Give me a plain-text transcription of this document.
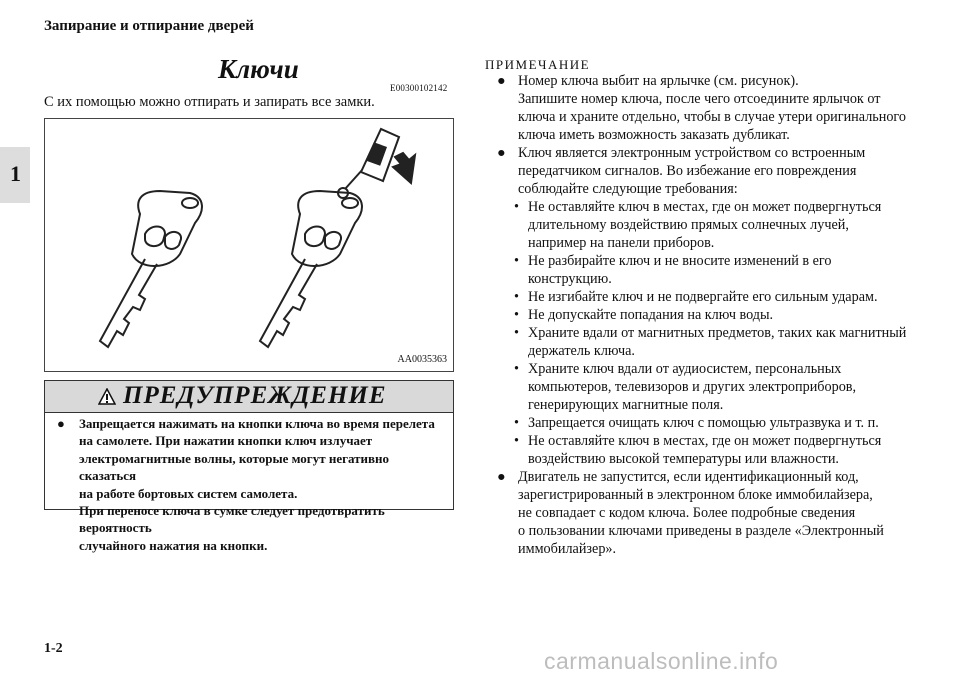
Запирание и отпирание дверей
1
Ключи
E00300102142
С их помощью можно отпирать и запирать все замки.
AA0035363
ПРЕДУПРЕЖДЕНИЕ
● Запрещается нажимать на кнопки ключа во время перелета
на самолете. При нажатии кнопки ключ излучает
электромагнитные волны, которые могут негативно сказаться
на работе бортовых систем самолета.
При переносе ключа в сумке следует предотвратить вероятность
случайного нажатия на кнопки.
ПРИМЕЧАНИЕ
● Номер ключа выбит на ярлычке (см. рисунок).
Запишите номер ключа, после чего отсоедините ярлычок от
ключа и храните отдельно, чтобы в случае утери оригинального
ключа иметь возможность заказать дубликат.
● Ключ является электронным устройством со встроенным
передатчиком сигналов. Во избежание его повреждения
соблюдайте следующие требования:
• Не оставляйте ключ в местах, где он может подвергнуться
длительному воздействию прямых солнечных лучей,
например на панели приборов.
• Не разбирайте ключ и не вносите изменений в его
конструкцию.
• Не изгибайте ключ и не подвергайте его сильным ударам.
• Не допускайте попадания на ключ воды.
• Храните вдали от магнитных предметов, таких как магнитный
держатель ключа.
• Храните ключ вдали от аудиосистем, персональных
компьютеров, телевизоров и других электроприборов,
генерирующих магнитные поля.
• Запрещается очищать ключ с помощью ультразвука и т. п.
• Не оставляйте ключ в местах, где он может подвергнуться
воздействию высокой температуры или влажности.
● Двигатель не запустится, если идентификационный код,
зарегистрированный в электронном блоке иммобилайзера,
не совпадает с кодом ключа. Более подробные сведения
о пользовании ключами приведены в разделе «Электронный
иммобилайзер».
1-2	carmanualsonline.info
